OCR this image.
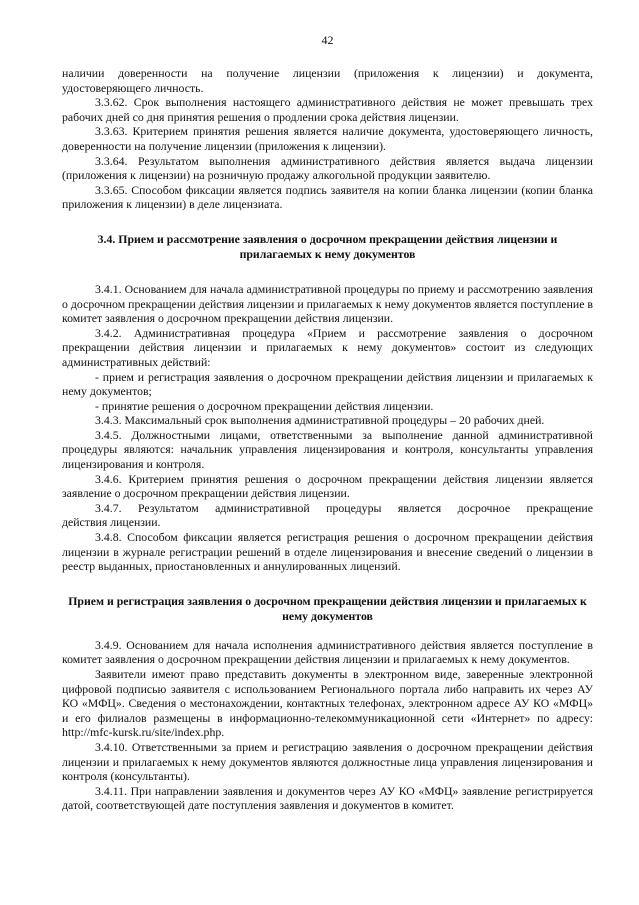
42

наличии доверенности на получение лицензии (приложения к лицензии) и документа, удостоверяющего личность.

3.3.62. Срок выполнения настоящего административного действия не может превышать трех рабочих дней со дня принятия решения о продлении срока действия лицензии.

3.3.63. Критерием принятия решения является наличие документа, удостоверяющего личность, доверенности на получение лицензии (приложения к лицензии).

3.3.64. Результатом выполнения административного действия является выдача лицензии (приложения к лицензии) на розничную продажу алкогольной продукции заявителю.

3.3.65. Способом фиксации является подпись заявителя на копии бланка лицензии (копии бланка приложения к лицензии) в деле лицензиата.

3.4. Прием и рассмотрение заявления о досрочном прекращении действия лицензии и прилагаемых к нему документов

3.4.1. Основанием для начала административной процедуры по приему и рассмотрению заявления о досрочном прекращении действия лицензии и прилагаемых к нему документов является поступление в комитет заявления о досрочном прекращении действия лицензии.

3.4.2. Административная процедура «Прием и рассмотрение заявления о досрочном прекращении действия лицензии и прилагаемых к нему документов» состоит из следующих административных действий:

- прием и регистрация заявления о досрочном прекращении действия лицензии и прилагаемых к нему документов;

- принятие решения о досрочном прекращении действия лицензии.

3.4.3. Максимальный срок выполнения административной процедуры – 20 рабочих дней.

3.4.5. Должностными лицами, ответственными за выполнение данной административной процедуры являются: начальник управления лицензирования и контроля, консультанты управления лицензирования и контроля.

3.4.6. Критерием принятия решения о досрочном прекращении действия лицензии является заявление о досрочном прекращении действия лицензии.

3.4.7. Результатом административной процедуры является досрочное прекращение действия лицензии.

3.4.8. Способом фиксации является регистрация решения о досрочном прекращении действия лицензии в журнале регистрации решений в отделе лицензирования и внесение сведений о лицензии в реестр выданных, приостановленных и аннулированных лицензий.

Прием и регистрация заявления о досрочном прекращении действия лицензии и прилагаемых к нему документов

3.4.9. Основанием для начала исполнения административного действия является поступление в комитет заявления о досрочном прекращении действия лицензии и прилагаемых к нему документов.

Заявители имеют право представить документы в электронном виде, заверенные электронной цифровой подписью заявителя с использованием Регионального портала либо направить их через АУ КО «МФЦ». Сведения о местонахождении, контактных телефонах, электронном адресе АУ КО «МФЦ» и его филиалов размещены в информационно-телекоммуникационной сети «Интернет» по адресу: http://mfc-kursk.ru/site/index.php.

3.4.10. Ответственными за прием и регистрацию заявления о досрочном прекращении действия лицензии и прилагаемых к нему документов являются должностные лица управления лицензирования и контроля (консультанты).

3.4.11. При направлении заявления и документов через АУ КО «МФЦ» заявление регистрируется датой, соответствующей дате поступления заявления и документов в комитет.
